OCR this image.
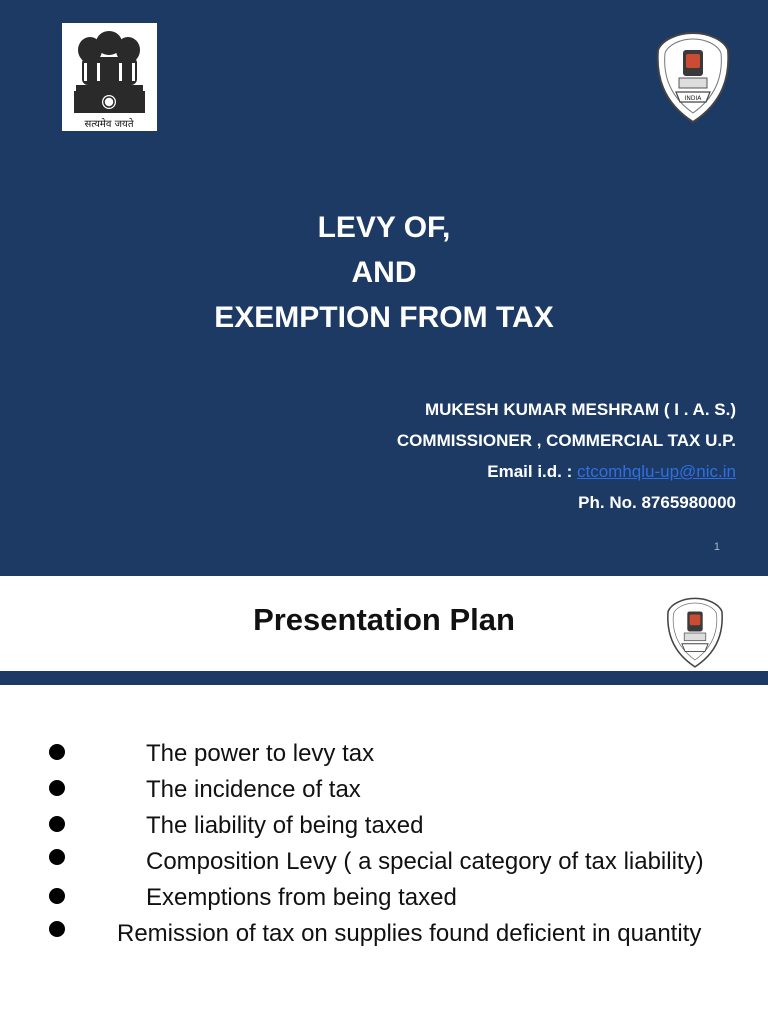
सत्यमेव जयते
INDIA
LEVY OF,
AND
EXEMPTION FROM TAX
MUKESH KUMAR MESHRAM ( I . A. S.)
COMMISSIONER , COMMERCIAL TAX U.P.
Email i.d. : ctcomhqlu-up@nic.in
Ph. No. 8765980000
1
Presentation Plan
The power to levy tax
The incidence of tax
The liability of being taxed
Composition Levy ( a special category of tax liability)
Exemptions from being taxed
Remission of tax on supplies found deficient in quantity
